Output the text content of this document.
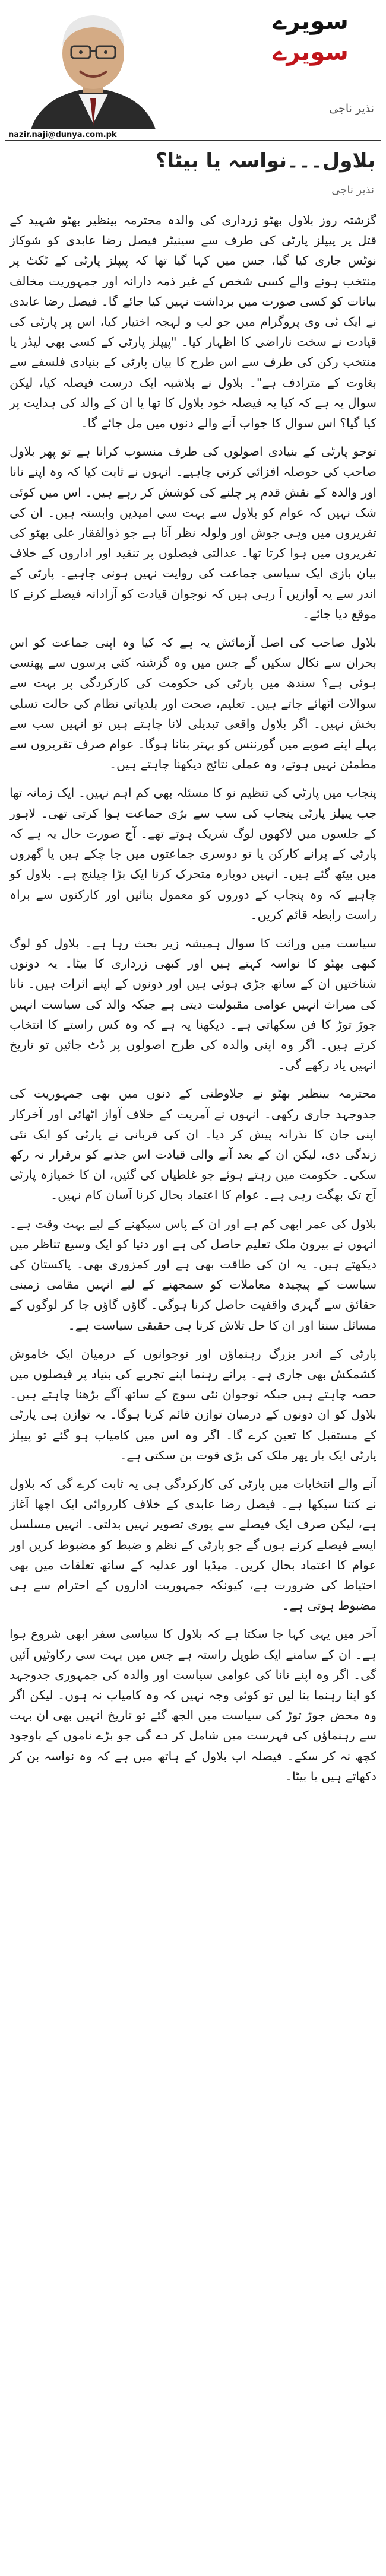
سویرے
سویرے
nazir.naji@dunya.com.pk
نذیر ناجی
بلاول۔۔۔نواسہ یا بیٹا؟
نذیر ناجی

گزشتہ روز بلاول بھٹو زرداری کی والدہ محترمہ بینظیر بھٹو شہید کے قتل پر پیپلز پارٹی کی طرف سے سینیٹر فیصل رضا عابدی کو شوکاز نوٹس جاری کیا گیا، جس میں کہا گیا تھا کہ پیپلز پارٹی کے ٹکٹ پر منتخب ہونے والے کسی شخص کے غیر ذمہ دارانہ اور جمہوریت مخالف بیانات کو کسی صورت میں برداشت نہیں کیا جائے گا۔ فیصل رضا عابدی نے ایک ٹی وی پروگرام میں جو لب و لہجہ اختیار کیا، اس پر پارٹی کی قیادت نے سخت ناراضی کا اظہار کیا۔ "پیپلز پارٹی کے کسی بھی لیڈر یا منتخب رکن کی طرف سے اس طرح کا بیان پارٹی کے بنیادی فلسفے سے بغاوت کے مترادف ہے"۔ بلاول نے بلاشبہ ایک درست فیصلہ کیا، لیکن سوال یہ ہے کہ کیا یہ فیصلہ خود بلاول کا تھا یا ان کے والد کی ہدایت پر کیا گیا؟ اس سوال کا جواب آنے والے دنوں میں مل جائے گا۔

توجو پارٹی کے بنیادی اصولوں کی طرف منسوب کرانا ہے تو پھر بلاول صاحب کی حوصلہ افزائی کرنی چاہیے۔ انہوں نے ثابت کیا کہ وہ اپنے نانا اور والدہ کے نقش قدم پر چلنے کی کوشش کر رہے ہیں۔ اس میں کوئی شک نہیں کہ عوام کو بلاول سے بہت سی امیدیں وابستہ ہیں۔ ان کی تقریروں میں وہی جوش اور ولولہ نظر آتا ہے جو ذوالفقار علی بھٹو کی تقریروں میں ہوا کرتا تھا۔ عدالتی فیصلوں پر تنقید اور اداروں کے خلاف بیان بازی ایک سیاسی جماعت کی روایت نہیں ہونی چاہیے۔ پارٹی کے اندر سے یہ آوازیں آ رہی ہیں کہ نوجوان قیادت کو آزادانہ فیصلے کرنے کا موقع دیا جائے۔

بلاول صاحب کی اصل آزمائش یہ ہے کہ کیا وہ اپنی جماعت کو اس بحران سے نکال سکیں گے جس میں وہ گزشتہ کئی برسوں سے پھنسی ہوئی ہے؟ سندھ میں پارٹی کی حکومت کی کارکردگی پر بہت سے سوالات اٹھائے جاتے ہیں۔ تعلیم، صحت اور بلدیاتی نظام کی حالت تسلی بخش نہیں۔ اگر بلاول واقعی تبدیلی لانا چاہتے ہیں تو انہیں سب سے پہلے اپنے صوبے میں گورننس کو بہتر بنانا ہوگا۔ عوام صرف تقریروں سے مطمئن نہیں ہوتے، وہ عملی نتائج دیکھنا چاہتے ہیں۔

پنجاب میں پارٹی کی تنظیم نو کا مسئلہ بھی کم اہم نہیں۔ ایک زمانہ تھا جب پیپلز پارٹی پنجاب کی سب سے بڑی جماعت ہوا کرتی تھی۔ لاہور کے جلسوں میں لاکھوں لوگ شریک ہوتے تھے۔ آج صورت حال یہ ہے کہ پارٹی کے پرانے کارکن یا تو دوسری جماعتوں میں جا چکے ہیں یا گھروں میں بیٹھ گئے ہیں۔ انہیں دوبارہ متحرک کرنا ایک بڑا چیلنج ہے۔ بلاول کو چاہیے کہ وہ پنجاب کے دوروں کو معمول بنائیں اور کارکنوں سے براہ راست رابطہ قائم کریں۔

سیاست میں وراثت کا سوال ہمیشہ زیر بحث رہا ہے۔ بلاول کو لوگ کبھی بھٹو کا نواسہ کہتے ہیں اور کبھی زرداری کا بیٹا۔ یہ دونوں شناختیں ان کے ساتھ جڑی ہوئی ہیں اور دونوں کے اپنے اثرات ہیں۔ نانا کی میراث انہیں عوامی مقبولیت دیتی ہے جبکہ والد کی سیاست انہیں جوڑ توڑ کا فن سکھاتی ہے۔ دیکھنا یہ ہے کہ وہ کس راستے کا انتخاب کرتے ہیں۔ اگر وہ اپنی والدہ کی طرح اصولوں پر ڈٹ جائیں تو تاریخ انہیں یاد رکھے گی۔

محترمہ بینظیر بھٹو نے جلاوطنی کے دنوں میں بھی جمہوریت کی جدوجہد جاری رکھی۔ انہوں نے آمریت کے خلاف آواز اٹھائی اور آخرکار اپنی جان کا نذرانہ پیش کر دیا۔ ان کی قربانی نے پارٹی کو ایک نئی زندگی دی، لیکن ان کے بعد آنے والی قیادت اس جذبے کو برقرار نہ رکھ سکی۔ حکومت میں رہتے ہوئے جو غلطیاں کی گئیں، ان کا خمیازہ پارٹی آج تک بھگت رہی ہے۔ عوام کا اعتماد بحال کرنا آسان کام نہیں۔

بلاول کی عمر ابھی کم ہے اور ان کے پاس سیکھنے کے لیے بہت وقت ہے۔ انہوں نے بیرون ملک تعلیم حاصل کی ہے اور دنیا کو ایک وسیع تناظر میں دیکھتے ہیں۔ یہ ان کی طاقت بھی ہے اور کمزوری بھی۔ پاکستان کی سیاست کے پیچیدہ معاملات کو سمجھنے کے لیے انہیں مقامی زمینی حقائق سے گہری واقفیت حاصل کرنا ہوگی۔ گاؤں گاؤں جا کر لوگوں کے مسائل سننا اور ان کا حل تلاش کرنا ہی حقیقی سیاست ہے۔

پارٹی کے اندر بزرگ رہنماؤں اور نوجوانوں کے درمیان ایک خاموش کشمکش بھی جاری ہے۔ پرانے رہنما اپنے تجربے کی بنیاد پر فیصلوں میں حصہ چاہتے ہیں جبکہ نوجوان نئی سوچ کے ساتھ آگے بڑھنا چاہتے ہیں۔ بلاول کو ان دونوں کے درمیان توازن قائم کرنا ہوگا۔ یہ توازن ہی پارٹی کے مستقبل کا تعین کرے گا۔ اگر وہ اس میں کامیاب ہو گئے تو پیپلز پارٹی ایک بار پھر ملک کی بڑی قوت بن سکتی ہے۔

آنے والے انتخابات میں پارٹی کی کارکردگی ہی یہ ثابت کرے گی کہ بلاول نے کتنا سیکھا ہے۔ فیصل رضا عابدی کے خلاف کارروائی ایک اچھا آغاز ہے، لیکن صرف ایک فیصلے سے پوری تصویر نہیں بدلتی۔ انہیں مسلسل ایسے فیصلے کرنے ہوں گے جو پارٹی کے نظم و ضبط کو مضبوط کریں اور عوام کا اعتماد بحال کریں۔ میڈیا اور عدلیہ کے ساتھ تعلقات میں بھی احتیاط کی ضرورت ہے، کیونکہ جمہوریت اداروں کے احترام سے ہی مضبوط ہوتی ہے۔

آخر میں یہی کہا جا سکتا ہے کہ بلاول کا سیاسی سفر ابھی شروع ہوا ہے۔ ان کے سامنے ایک طویل راستہ ہے جس میں بہت سی رکاوٹیں آئیں گی۔ اگر وہ اپنے نانا کی عوامی سیاست اور والدہ کی جمہوری جدوجہد کو اپنا رہنما بنا لیں تو کوئی وجہ نہیں کہ وہ کامیاب نہ ہوں۔ لیکن اگر وہ محض جوڑ توڑ کی سیاست میں الجھ گئے تو تاریخ انہیں بھی ان بہت سے رہنماؤں کی فہرست میں شامل کر دے گی جو بڑے ناموں کے باوجود کچھ نہ کر سکے۔ فیصلہ اب بلاول کے ہاتھ میں ہے کہ وہ نواسہ بن کر دکھاتے ہیں یا بیٹا۔
